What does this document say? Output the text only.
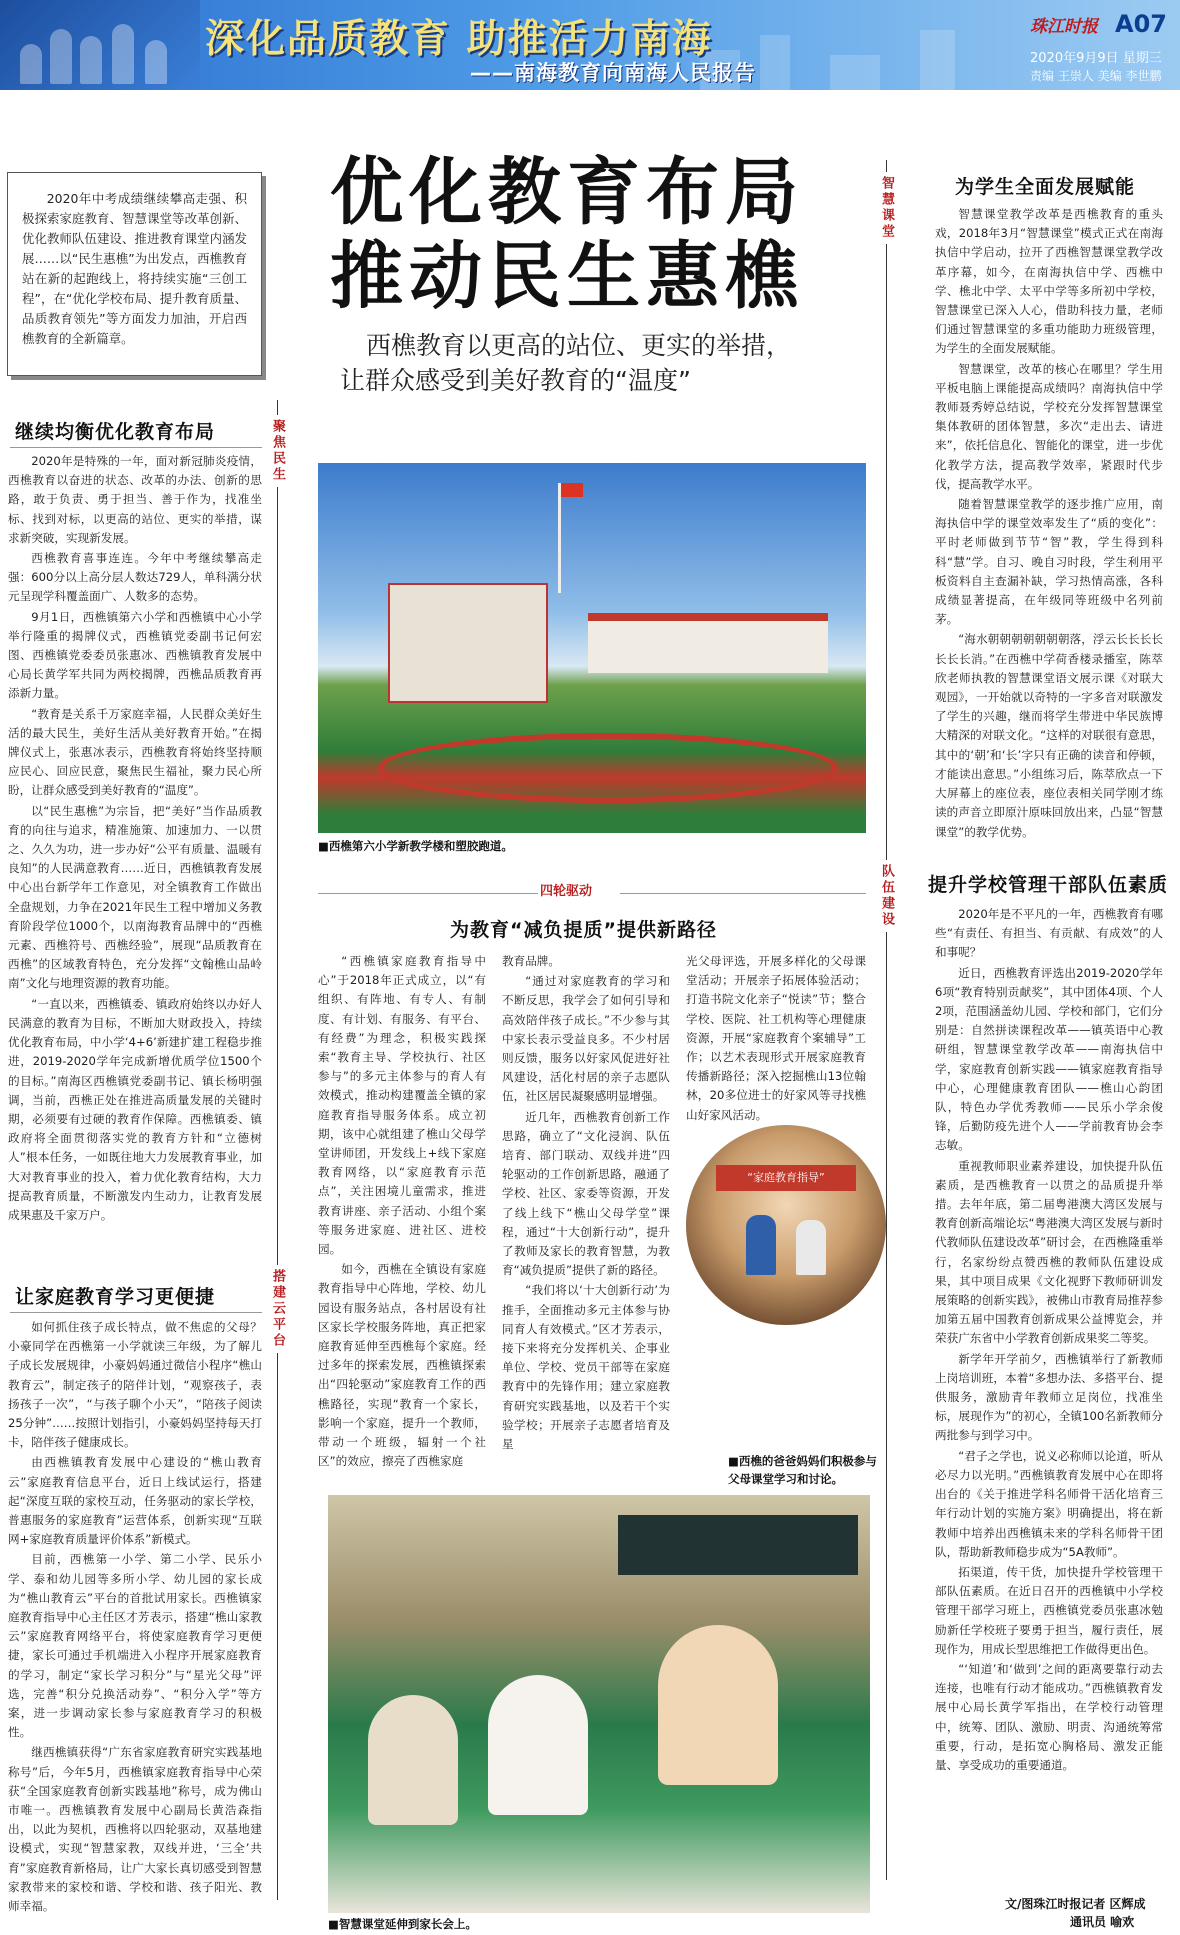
深化品质教育 助推活力南海
——南海教育向南海人民报告
珠江时报 A07
2020年9月9日 星期三
责编 王崇人 美编 李世鹏
2020年中考成绩继续攀高走强、积极探索家庭教育、智慧课堂等改革创新、优化教师队伍建设、推进教育课堂内涵发展……以“民生惠樵”为出发点，西樵教育站在新的起跑线上，将持续实施“三创工程”，在“优化学校布局、提升教育质量、品质教育领先”等方面发力加油，开启西樵教育的全新篇章。
优化教育布局
推动民生惠樵
西樵教育以更高的站位、更实的举措，
让群众感受到美好教育的“温度”
继续均衡优化教育布局

2020年是特殊的一年，面对新冠肺炎疫情，西樵教育以奋进的状态、改革的办法、创新的思路，敢于负责、勇于担当、善于作为，找准坐标、找到对标，以更高的站位、更实的举措，谋求新突破，实现新发展。

西樵教育喜事连连。今年中考继续攀高走强：600分以上高分层人数达729人，单科满分状元呈现学科覆盖面广、人数多的态势。

9月1日，西樵镇第六小学和西樵镇中心小学举行隆重的揭牌仪式，西樵镇党委副书记何宏图、西樵镇党委委员张惠冰、西樵镇教育发展中心局长黄学军共同为两校揭牌，西樵品质教育再添新力量。

“教育是关系千万家庭幸福，人民群众美好生活的最大民生，美好生活从美好教育开始。”在揭牌仪式上，张惠冰表示，西樵教育将始终坚持顺应民心、回应民意，聚焦民生福祉，聚力民心所盼，让群众感受到美好教育的“温度”。

以“民生惠樵”为宗旨，把“美好”当作品质教育的向往与追求，精准施策、加速加力、一以贯之、久久为功，进一步办好“公平有质量、温暖有良知”的人民满意教育……近日，西樵镇教育发展中心出台新学年工作意见，对全镇教育工作做出全盘规划，力争在2021年民生工程中增加义务教育阶段学位1000个，以南海教育品牌中的“西樵元素、西樵符号、西樵经验”，展现“品质教育在西樵”的区域教育特色，充分发挥“文翰樵山品岭南”文化与地理资源的教育功能。

“一直以来，西樵镇委、镇政府始终以办好人民满意的教育为目标，不断加大财政投入，持续优化教育布局，中小学‘4+6’新建扩建工程稳步推进，2019-2020学年完成新增优质学位1500个的目标。”南海区西樵镇党委副书记、镇长杨明强调，当前，西樵正处在推进高质量发展的关键时期，必须要有过硬的教育作保障。西樵镇委、镇政府将全面贯彻落实党的教育方针和“立德树人”根本任务，一如既往地大力发展教育事业，加大对教育事业的投入，着力优化教育结构，大力提高教育质量，不断激发内生动力，让教育发展成果惠及千家万户。

让家庭教育学习更便捷

如何抓住孩子成长特点，做不焦虑的父母？小豪同学在西樵第一小学就读三年级，为了解儿子成长发展规律，小豪妈妈通过微信小程序“樵山教育云”，制定孩子的陪伴计划，“观察孩子，表扬孩子一次”，“与孩子聊个小天”，“陪孩子阅读25分钟”……按照计划指引，小豪妈妈坚持每天打卡，陪伴孩子健康成长。

由西樵镇教育发展中心建设的“樵山教育云”家庭教育信息平台，近日上线试运行，搭建起“深度互联的家校互动，任务驱动的家长学校，普惠服务的家庭教育”运营体系，创新实现“互联网+家庭教育质量评价体系”新模式。

目前，西樵第一小学、第二小学、民乐小学、泰和幼儿园等多所小学、幼儿园的家长成为“樵山教育云”平台的首批试用家长。西樵镇家庭教育指导中心主任区才芳表示，搭建“樵山家教云”家庭教育网络平台，将使家庭教育学习更便捷，家长可通过手机端进入小程序开展家庭教育的学习，制定“家长学习积分”与“星光父母”评选，完善“积分兑换活动券”、“积分入学”等方案，进一步调动家长参与家庭教育学习的积极性。

继西樵镇获得“广东省家庭教育研究实践基地称号”后，今年5月，西樵镇家庭教育指导中心荣获“全国家庭教育创新实践基地”称号，成为佛山市唯一。西樵镇教育发展中心副局长黄浩森指出，以此为契机，西樵将以四轮驱动，双基地建设模式，实现“智慧家教，双线并进，‘三全’共育”家庭教育新格局，让广大家长真切感受到智慧家教带来的家校和谐、学校和谐、孩子阳光、教师幸福。

聚焦民生
搭建云平台
智慧课堂
队伍建设
■西樵第六小学新教学楼和塑胶跑道。
四轮驱动
为教育“减负提质”提供新路径

“西樵镇家庭教育指导中心”于2018年正式成立，以“有组织、有阵地、有专人、有制度、有计划、有服务、有平台、有经费”为理念，积极实践探索“教育主导、学校执行、社区参与”的多元主体参与的育人有效模式，推动构建覆盖全镇的家庭教育指导服务体系。成立初期，该中心就组建了樵山父母学堂讲师团，开发线上+线下家庭教育网络，以“家庭教育示范点”，关注困境儿童需求，推进教育讲座、亲子活动、小组个案等服务进家庭、进社区、进校园。

如今，西樵在全镇设有家庭教育指导中心阵地，学校、幼儿园设有服务站点，各村居设有社区家长学校服务阵地，真正把家庭教育延伸至西樵每个家庭。经过多年的探索发展，西樵镇探索出“四轮驱动”家庭教育工作的西樵路径，实现“教育一个家长，影响一个家庭，提升一个教师，带动一个班级，辐射一个社区”的效应，擦亮了西樵家庭

教育品牌。

“通过对家庭教育的学习和不断反思，我学会了如何引导和高效陪伴孩子成长。”不少参与其中家长表示受益良多。不少村居则反馈，服务以好家风促进好社风建设，活化村居的亲子志愿队伍，社区居民凝聚感明显增强。

近几年，西樵教育创新工作思路，确立了“文化浸润、队伍培育、部门联动、双线并进”四轮驱动的工作创新思路，融通了学校、社区、家委等资源，开发了线上线下“樵山父母学堂”课程，通过“十大创新行动”，提升了教师及家长的教育智慧，为教育“减负提质”提供了新的路径。

“我们将以‘十大创新行动’为推手，全面推动多元主体参与协同育人有效模式。”区才芳表示，接下来将充分发挥机关、企事业单位、学校、党员干部等在家庭教育中的先锋作用；建立家庭教育研究实践基地，以及若干个实验学校；开展亲子志愿者培育及星

光父母评选，开展多样化的父母课堂活动；开展亲子拓展体验活动；打造书院文化亲子“悦读”节；整合学校、医院、社工机构等心理健康资源，开展“家庭教育个案辅导”工作；以艺术表现形式开展家庭教育传播新路径；深入挖掘樵山13位翰林，20多位进士的好家风等寻找樵山好家风活动。

“家庭教育指导”
■西樵的爸爸妈妈们积极参与父母课堂学习和讨论。
■智慧课堂延伸到家长会上。
为学生全面发展赋能

智慧课堂教学改革是西樵教育的重头戏，2018年3月“智慧课堂”模式正式在南海执信中学启动，拉开了西樵智慧课堂教学改革序幕，如今，在南海执信中学、西樵中学、樵北中学、太平中学等多所初中学校，智慧课堂已深入人心，借助科技力量，老师们通过智慧课堂的多重功能助力班级管理，为学生的全面发展赋能。

智慧课堂，改革的核心在哪里？学生用平板电脑上课能提高成绩吗？南海执信中学教师聂秀婷总结说，学校充分发挥智慧课堂集体教研的团体智慧，多次“走出去、请进来”，依托信息化、智能化的课堂，进一步优化教学方法，提高教学效率，紧跟时代步伐，提高教学水平。

随着智慧课堂教学的逐步推广应用，南海执信中学的课堂效率发生了“质的变化”：平时老师做到节节“智”教，学生得到科科“慧”学。自习、晚自习时段，学生利用平板资料自主查漏补缺，学习热情高涨，各科成绩显著提高，在年级同等班级中名列前茅。

“海水朝朝朝朝朝朝朝落，浮云长长长长长长长消。”在西樵中学荷香楼录播室，陈萃欣老师执教的智慧课堂语文展示课《对联大观园》，一开始就以奇特的一字多音对联激发了学生的兴趣，继而将学生带进中华民族博大精深的对联文化。“这样的对联很有意思，其中的‘朝’和‘长’字只有正确的读音和停顿，才能读出意思。”小组练习后，陈萃欣点一下大屏幕上的座位表，座位表相关同学刚才练读的声音立即原汁原味回放出来，凸显“智慧课堂”的教学优势。

提升学校管理干部队伍素质

2020年是不平凡的一年，西樵教育有哪些“有责任、有担当、有贡献、有成效”的人和事呢？

近日，西樵教育评选出2019-2020学年6项“教育特别贡献奖”，其中团体4项、个人2项，范围涵盖幼儿园、学校和部门，它们分别是：自然拼读课程改革——镇英语中心教研组，智慧课堂教学改革——南海执信中学，家庭教育创新实践——镇家庭教育指导中心，心理健康教育团队——樵山心韵团队，特色办学优秀教师——民乐小学余俊锋，后勤防疫先进个人——学前教育协会李志敏。

重视教师职业素养建设，加快提升队伍素质，是西樵教育一以贯之的品质提升举措。去年年底，第二届粤港澳大湾区发展与教育创新高端论坛“粤港澳大湾区发展与新时代教师队伍建设改革”研讨会，在西樵隆重举行，名家纷纷点赞西樵的教师队伍建设成果，其中项目成果《文化视野下教师研训发展策略的创新实践》，被佛山市教育局推荐参加第五届中国教育创新成果公益博览会，并荣获广东省中小学教育创新成果奖二等奖。

新学年开学前夕，西樵镇举行了新教师上岗培训班，本着“多想办法、多搭平台、提供服务，激励青年教师立足岗位，找准坐标，展现作为”的初心，全镇100名新教师分两批参与到学习中。

“君子之学也，说义必称师以论道，听从必尽力以光明。”西樵镇教育发展中心在即将出台的《关于推进学科名师骨干活化培育三年行动计划的实施方案》明确提出，将在新教师中培养出西樵镇未来的学科名师骨干团队，帮助新教师稳步成为“5A教师”。

拓渠道，传干货，加快提升学校管理干部队伍素质。在近日召开的西樵镇中小学校管理干部学习班上，西樵镇党委员张惠冰勉励新任学校班子要勇于担当，履行责任，展现作为，用成长型思维把工作做得更出色。

“‘知道’和‘做到’之间的距离要靠行动去连接，也唯有行动才能成功。”西樵镇教育发展中心局长黄学军指出，在学校行动管理中，统筹、团队、激励、明责、沟通统筹常重要，行动，是拓宽心胸格局、激发正能量、享受成功的重要通道。

文/图珠江时报记者 区辉成
通讯员 喻欢
